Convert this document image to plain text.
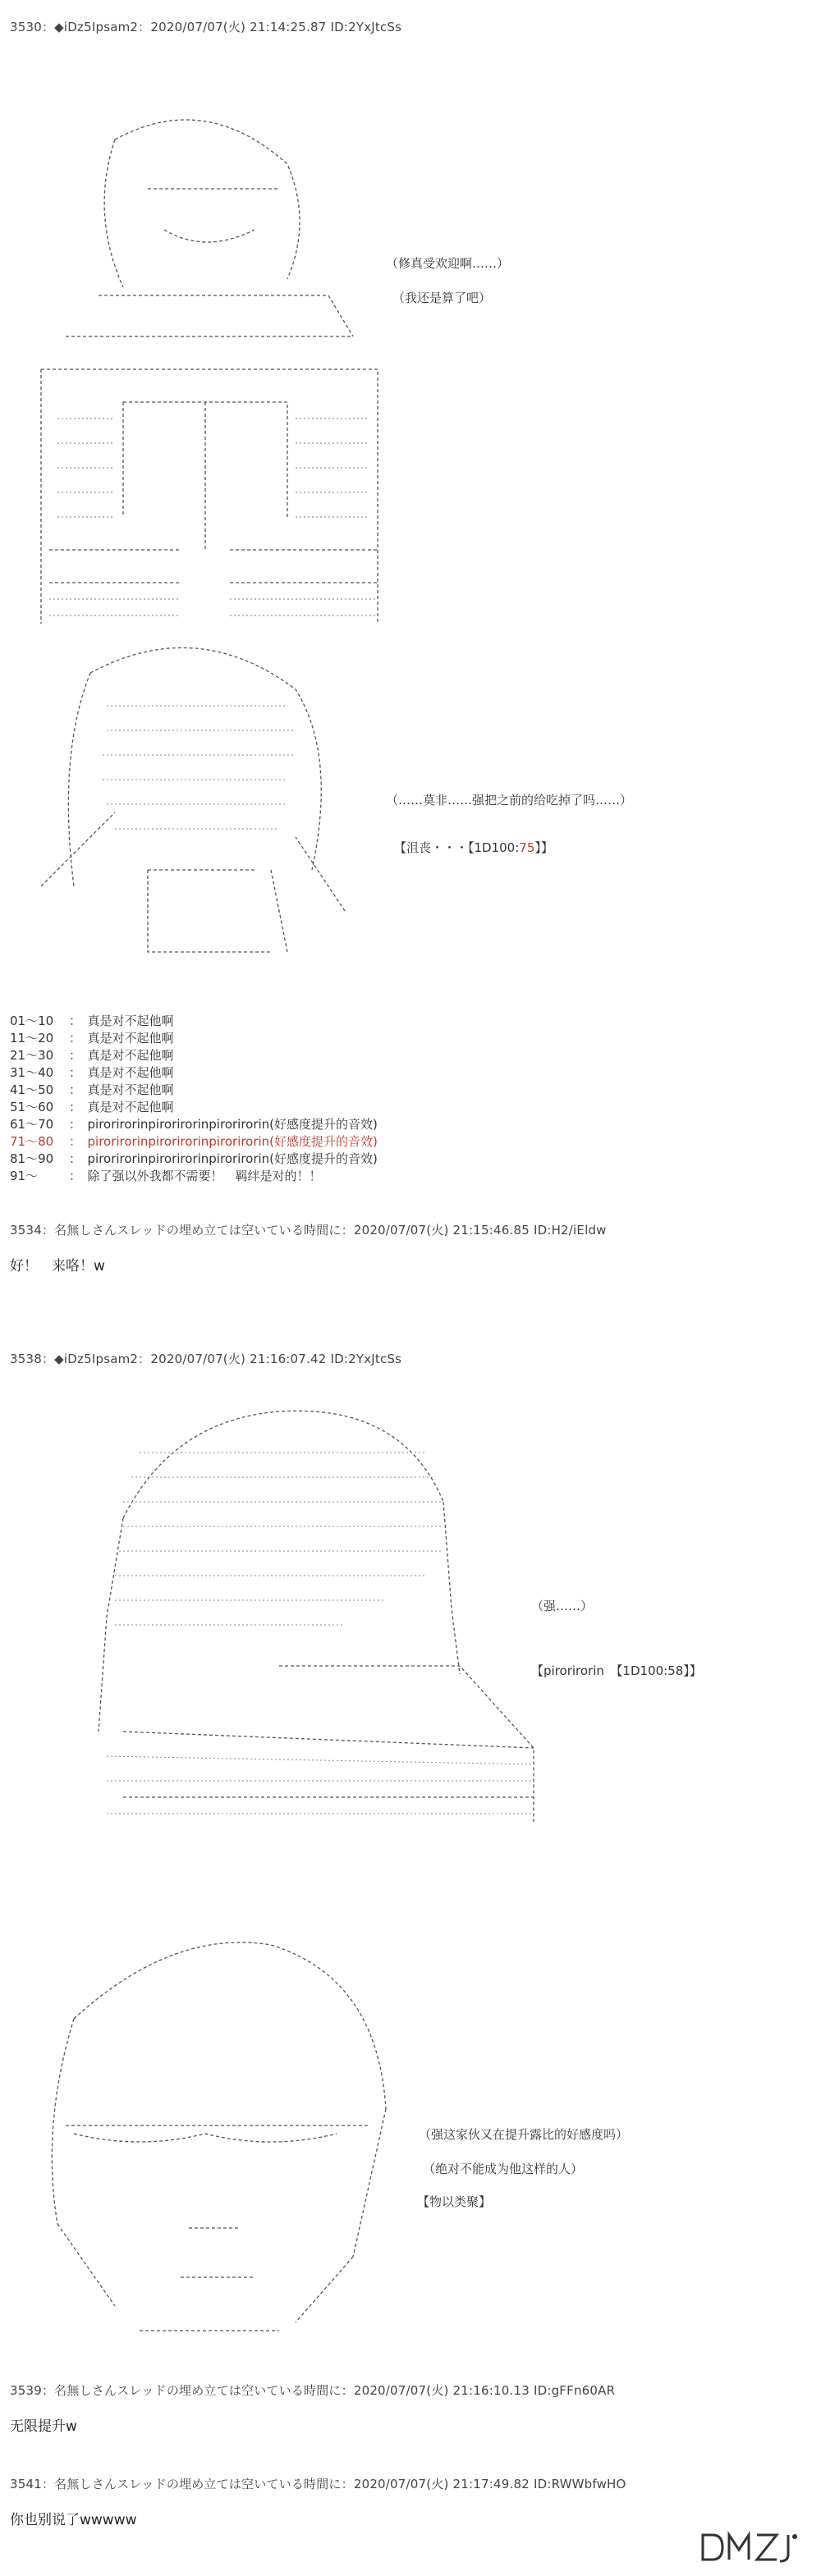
3530：◆iDz5Ipsam2：2020/07/07(火) 21:14:25.87 ID:2YxJtcSs
（修真受欢迎啊……）
（我还是算了吧）
（……莫非……强把之前的给吃掉了吗……）
【沮丧・・・【1D100:75】】
01～10 ：　真是对不起他啊
11～20 ：　真是对不起他啊
21～30 ：　真是对不起他啊
31～40 ：　真是对不起他啊
41～50 ：　真是对不起他啊
51～60 ：　真是对不起他啊
61～70 ：　pirorirorinpirorirorinpirorirorin(好感度提升的音效)
71～80 ：　pirorirorinpirorirorinpirorirorin(好感度提升的音效)
81～90 ：　pirorirorinpirorirorinpirorirorin(好感度提升的音效)
91～	：　除了强以外我都不需要！　羁绊是对的！！
3534：名無しさんスレッドの埋め立ては空いている時間に：2020/07/07(火) 21:15:46.85 ID:H2/iEldw
好！　来咯！w
3538：◆iDz5Ipsam2：2020/07/07(火) 21:16:07.42 ID:2YxJtcSs
（强……）
【pirorirorin　【1D100:58】】
（强这家伙又在提升露比的好感度吗）
（绝对不能成为他这样的人）
【物以类聚】
3539：名無しさんスレッドの埋め立ては空いている時間に：2020/07/07(火) 21:16:10.13 ID:gFFn60AR
无限提升w
3541：名無しさんスレッドの埋め立ては空いている時間に：2020/07/07(火) 21:17:49.82 ID:RWWbfwHO
你也别说了wwwww
